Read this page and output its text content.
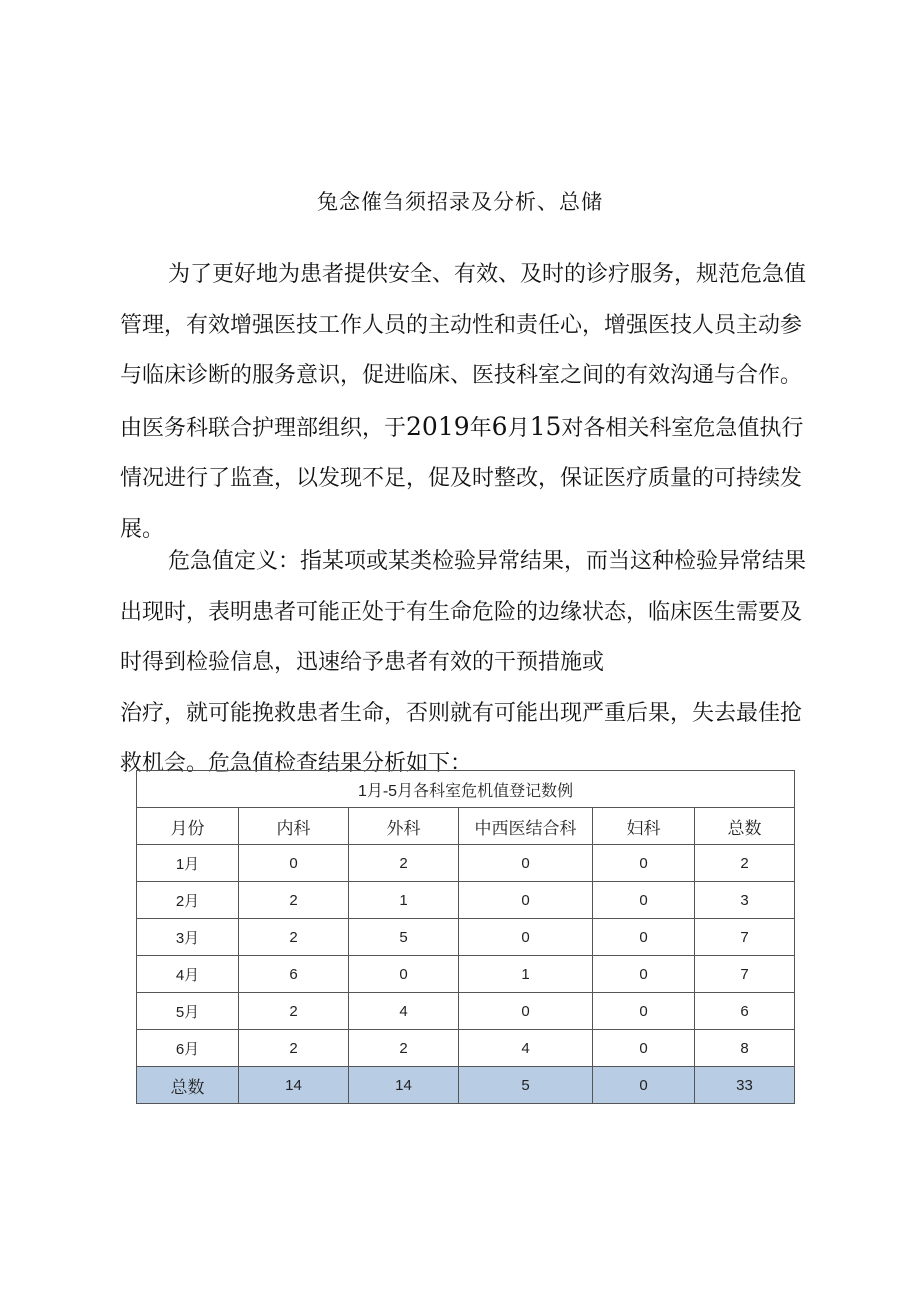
兔念傕刍须招录及分析、总储

为了更好地为患者提供安全、有效、及时的诊疗服务，规范危急值管理，有效增强医技工作人员的主动性和责任心，增强医技人员主动参与临床诊断的服务意识，促进临床、医技科室之间的有效沟通与合作。由医务科联合护理部组织，于2019年6月15对各相关科室危急值执行情况进行了监查，以发现不足，促及时整改，保证医疗质量的可持续发展。

危急值定义：指某项或某类检验异常结果，而当这种检验异常结果出现时，表明患者可能正处于有生命危险的边缘状态，临床医生需要及时得到检验信息，迅速给予患者有效的干预措施或
治疗，就可能挽救患者生命，否则就有可能出现严重后果，失去最佳抢救机会。危急值检查结果分析如下：

1月-5月各科室危机值登记数例					
月份	内科	外科	中西医结合科	妇科	总数
1月	0	2	0	0	2
2月	2	1	0	0	3
3月	2	5	0	0	7
4月	6	0	1	0	7
5月	2	4	0	0	6
6月	2	2	4	0	8
总数	14	14	5	0	33
